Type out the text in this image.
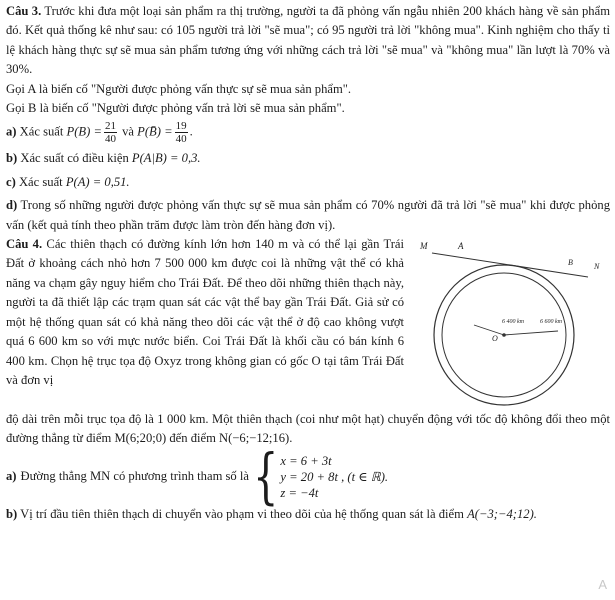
Câu 3. Trước khi đưa một loại sản phẩm ra thị trường, người ta đã phỏng vấn ngẫu nhiên 200 khách hàng về sản phẩm đó. Kết quả thống kê như sau: có 105 người trả lời "sẽ mua"; có 95 người trả lời "không mua". Kinh nghiệm cho thấy tỉ lệ khách hàng thực sự sẽ mua sản phẩm tương ứng với những cách trả lời "sẽ mua" và "không mua" lần lượt là 70% và 30%.

Gọi A là biến cố "Người được phỏng vấn thực sự sẽ mua sản phẩm".

Gọi B là biến cố "Người được phỏng vấn trả lời sẽ mua sản phẩm".

a) Xác suất $P(B) = \frac{21}{40}$ và P(B̄) = $\frac{19}{40}$ .

b) Xác suất có điều kiện P(A|B) = 0,3.

c) Xác suất P(A) = 0,51.

d) Trong số những người được phỏng vấn thực sự sẽ mua sản phẩm có 70% người đã trả lời "sẽ mua" khi được phỏng vấn (kết quả tính theo phần trăm được làm tròn đến hàng đơn vị).

Câu 4. Các thiên thạch có đường kính lớn hơn 140 m và có thể lại gần Trái Đất ở khoảng cách nhỏ hơn 7 500 000 km được coi là những vật thể có khả năng va chạm gây nguy hiểm cho Trái Đất. Để theo dõi những thiên thạch này, người ta đã thiết lập các trạm quan sát các vật thể bay gần Trái Đất. Giả sử có một hệ thống quan sát có khả năng theo dõi các vật thể ở độ cao không vượt quá 6 600 km so với mực nước biển. Coi Trái Đất là khối cầu có bán kính 6 400 km. Chọn hệ trục tọa độ Oxyz trong không gian có gốc O tại tâm Trái Đất và đơn vị

M	A
B	N
O
6 400 km	6 600 km

độ dài trên mỗi trục tọa độ là 1 000 km. Một thiên thạch (coi như một hạt) chuyển động với tốc độ không đổi theo một đường thẳng từ điểm M(6;20;0) đến điểm N(−6;−12;16).

a) Đường thẳng MN có phương trình tham số là { x = 6 + 3t
y = 20 + 8t , (t ∈ ℝ).
z = −4t

b) Vị trí đầu tiên thiên thạch di chuyển vào phạm vi theo dõi của hệ thống quan sát là điểm A(−3;−4;12).

A
